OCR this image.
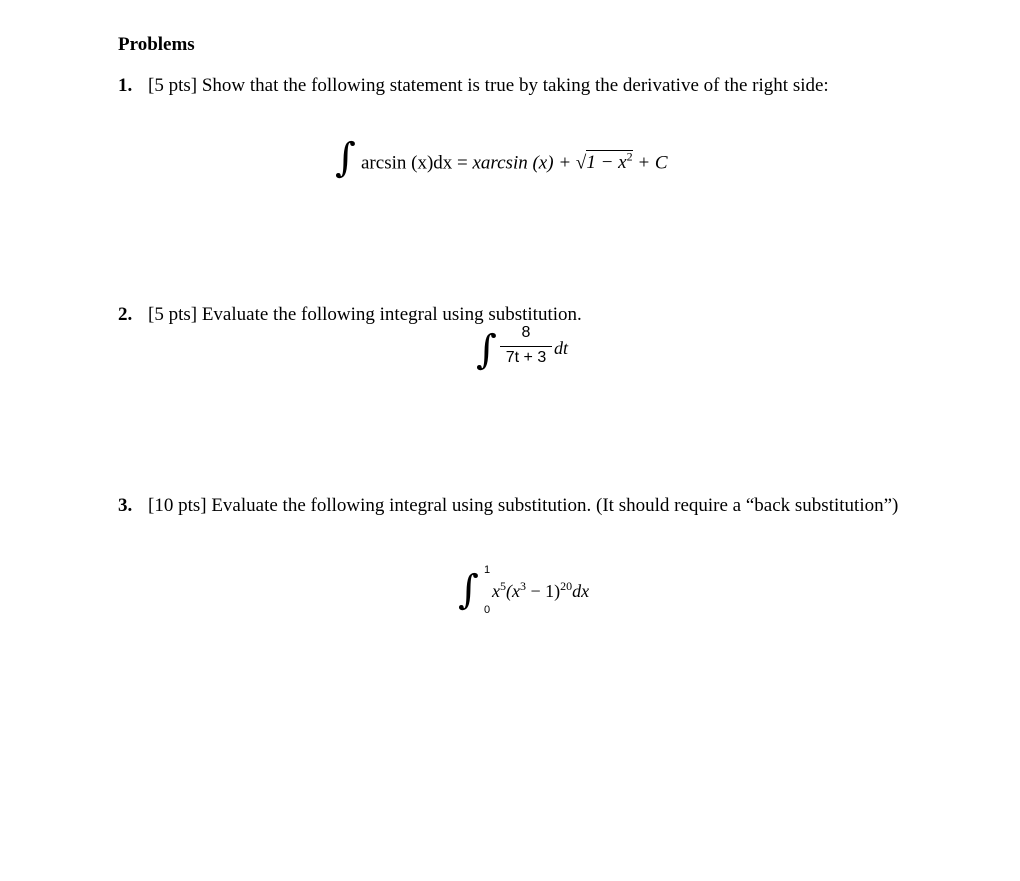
Problems
1. [5 pts] Show that the following statement is true by taking the derivative of the right side:
∫ arcsin (x)dx = xarcsin $(x) + √1 - x^2 + C$
2. [5 pts] Evaluate the following integral using substitution.
∫	8
7t + 3 dt
3. [10 pts] Evaluate the following integral using substitution. (It should require a “back substitution”)
∫ 1
0
$x^5(x^3 - 1)^{20}dx$
